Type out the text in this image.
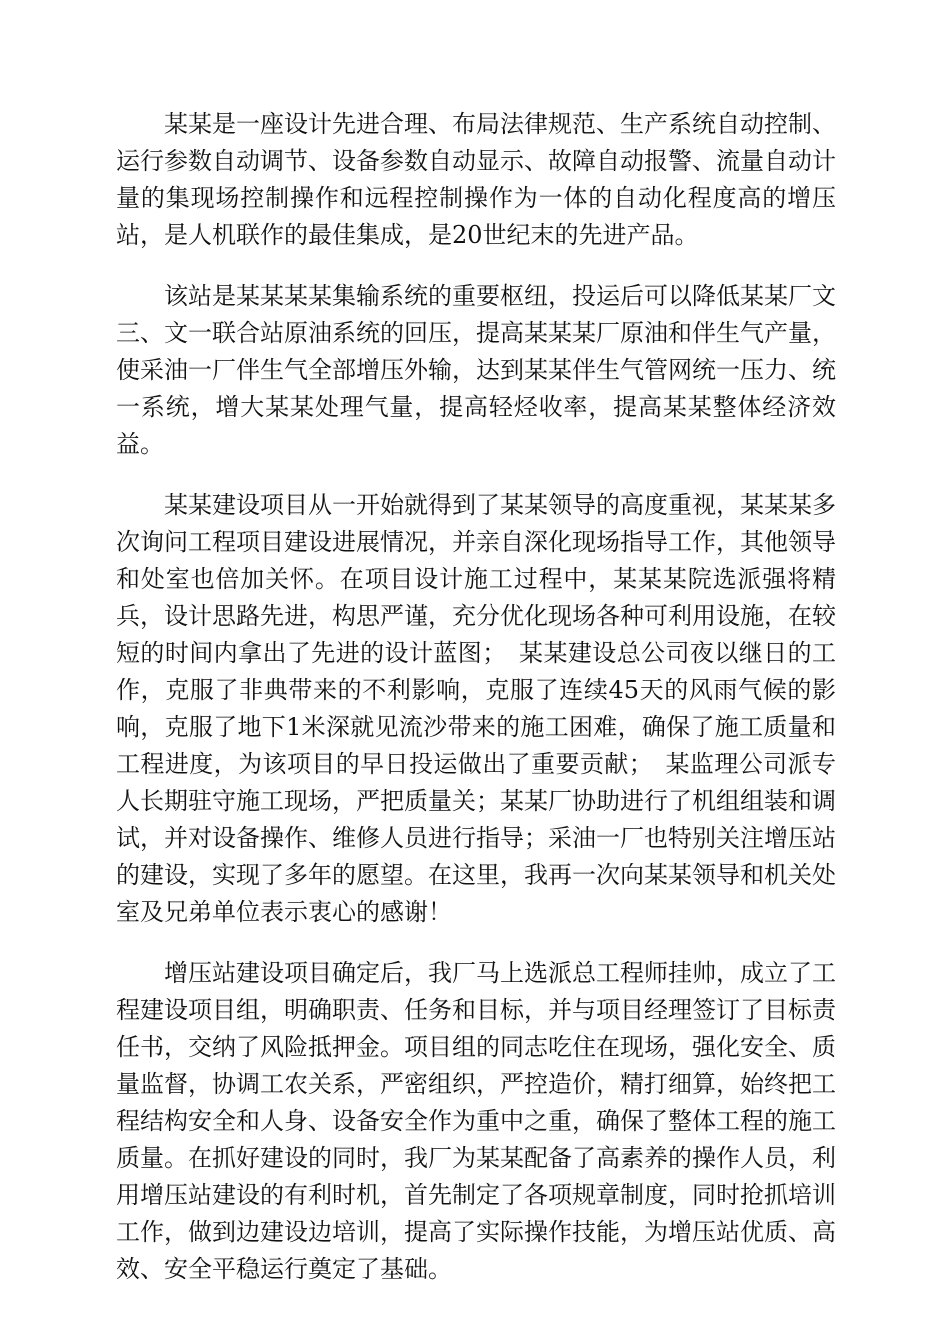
某某是一座设计先进合理、布局法律规范、生产系统自动控制、运行参数自动调节、设备参数自动显示、故障自动报警、流量自动计量的集现场控制操作和远程控制操作为一体的自动化程度高的增压站，是人机联作的最佳集成，是20世纪末的先进产品。

该站是某某某某集输系统的重要枢纽，投运后可以降低某某厂文三、文一联合站原油系统的回压，提高某某某厂原油和伴生气产量，使采油一厂伴生气全部增压外输，达到某某伴生气管网统一压力、统一系统，增大某某处理气量，提高轻烃收率，提高某某整体经济效益。

某某建设项目从一开始就得到了某某领导的高度重视，某某某多次询问工程项目建设进展情况，并亲自深化现场指导工作，其他领导和处室也倍加关怀。在项目设计施工过程中，某某某院选派强将精兵，设计思路先进，构思严谨，充分优化现场各种可利用设施，在较短的时间内拿出了先进的设计蓝图；　某某建设总公司夜以继日的工作，克服了非典带来的不利影响，克服了连续45天的风雨气候的影响，克服了地下1米深就见流沙带来的施工困难，确保了施工质量和工程进度，为该项目的早日投运做出了重要贡献；　某监理公司派专人长期驻守施工现场，严把质量关；某某厂协助进行了机组组装和调试，并对设备操作、维修人员进行指导；采油一厂也特别关注增压站的建设，实现了多年的愿望。在这里，我再一次向某某领导和机关处室及兄弟单位表示衷心的感谢！

增压站建设项目确定后，我厂马上选派总工程师挂帅，成立了工程建设项目组，明确职责、任务和目标，并与项目经理签订了目标责任书，交纳了风险抵押金。项目组的同志吃住在现场，强化安全、质量监督，协调工农关系，严密组织，严控造价，精打细算，始终把工程结构安全和人身、设备安全作为重中之重，确保了整体工程的施工质量。在抓好建设的同时，我厂为某某配备了高素养的操作人员，利用增压站建设的有利时机，首先制定了各项规章制度，同时抢抓培训工作，做到边建设边培训，提高了实际操作技能，为增压站优质、高效、安全平稳运行奠定了基础。
